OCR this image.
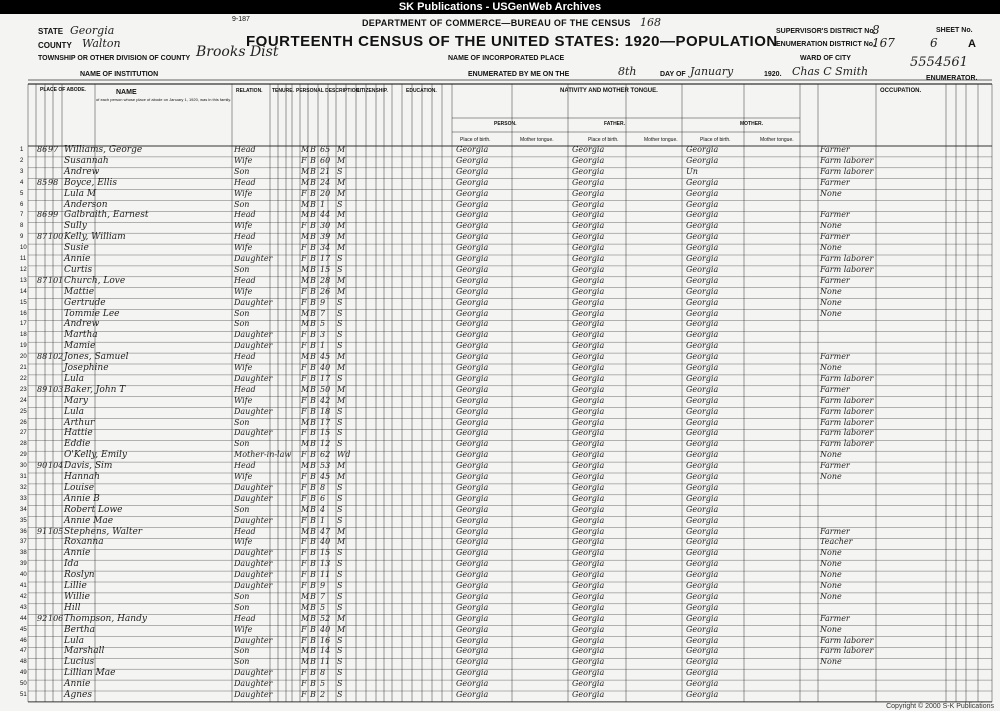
SK Publications - USGenWeb Archives
9-187	DEPARTMENT OF COMMERCE—BUREAU OF THE CENSUS 168
FOURTEENTH CENSUS OF THE UNITED STATES: 1920—POPULATION
STATE Georgia
COUNTY Walton
TOWNSHIP OR OTHER DIVISION OF COUNTY Brooks Dist	NAME OF INCORPORATED PLACE
NAME OF INSTITUTION	ENUMERATED BY ME ON THE	8th	DAY OF January	1920. Chas C Smith
ENUMERATOR.
SUPERVISOR'S DISTRICT No.
8
ENUMERATION DISTRICT No.
167
WARD OF CITY
SHEET No.
6	A
5554561
PLACE OF ABODE.	NAME
of each person whose place of abode on January 1, 1920, was in this family.
RELATION. TENURE. PERSONAL DESCRIPTION.
CITIZENSHIP.	EDUCATION.	NATIVITY AND MOTHER TONGUE.
PERSON.	FATHER.	MOTHER.
Place of birth.	Mother tongue.	Place of birth.	Mother tongue.	Place of birth.	Mother tongue.
OCCUPATION.
1 86 97 Williams, George	Head	M B 65 M	Georgia	Georgia	Georgia	Farmer
2	Susannah	Wife	F B 60 M	Georgia	Georgia	Georgia	Farm laborer
3	Andrew	Son	M B 21 S	Georgia	Georgia	Un	Farm laborer
4 85 98 Boyce, Ellis	Head	M B 24 M	Georgia	Georgia	Georgia	Farmer
5	Lula M	Wife	F B 20 M	Georgia	Georgia	Georgia	None
6	Anderson	Son	M B 1 S	Georgia	Georgia	Georgia
7 86 99 Galbraith, Earnest	Head	M B 44 M	Georgia	Georgia	Georgia	Farmer
8	Sully	Wife	F B 30 M	Georgia	Georgia	Georgia	None
9 87 100 Kelly, William	Head	M B 39 M	Georgia	Georgia	Georgia	Farmer
10	Susie	Wife	F B 34 M	Georgia	Georgia	Georgia	None
11	Annie	Daughter	F B 17 S	Georgia	Georgia	Georgia	Farm laborer
12	Curtis	Son	M B 15 S	Georgia	Georgia	Georgia	Farm laborer
13 87 101 Church, Love	Head	M B 28 M	Georgia	Georgia	Georgia	Farmer
14	Mattie	Wife	F B 26 M	Georgia	Georgia	Georgia	None
15	Gertrude	Daughter	F B 9 S	Georgia	Georgia	Georgia	None
16	Tommie Lee	Son	M B 7 S	Georgia	Georgia	Georgia	None
17	Andrew	Son	M B 5 S	Georgia	Georgia	Georgia
18	Martha	Daughter	F B 3 S	Georgia	Georgia	Georgia
19	Mamie	Daughter	F B 1 S	Georgia	Georgia	Georgia
20 88 102 Jones, Samuel	Head	M B 45 M	Georgia	Georgia	Georgia	Farmer
21	Josephine	Wife	F B 40 M	Georgia	Georgia	Georgia	None
22	Lula	Daughter	F B 17 S	Georgia	Georgia	Georgia	Farm laborer
23 89 103 Baker, John T	Head	M B 50 M	Georgia	Georgia	Georgia	Farmer
24	Mary	Wife	F B 42 M	Georgia	Georgia	Georgia	Farm laborer
25	Lula	Daughter	F B 18 S	Georgia	Georgia	Georgia	Farm laborer
26	Arthur	Son	M B 17 S	Georgia	Georgia	Georgia	Farm laborer
27	Hattie	Daughter	F B 15 S	Georgia	Georgia	Georgia	Farm laborer
28	Eddie	Son	M B 12 S	Georgia	Georgia	Georgia	Farm laborer
29	O'Kelly, Emily	Mother-in-law F B 62 Wd	Georgia	Georgia	Georgia	None
30 90 104 Davis, Sim	Head	M B 53 M	Georgia	Georgia	Georgia	Farmer
31	Hannah	Wife	F B 45 M	Georgia	Georgia	Georgia	None
32	Louise	Daughter	F B 8 S	Georgia	Georgia	Georgia
33	Annie B	Daughter	F B 6 S	Georgia	Georgia	Georgia
34	Robert Lowe	Son	M B 4 S	Georgia	Georgia	Georgia
35	Annie Mae	Daughter	F B 1 S	Georgia	Georgia	Georgia
36 91 105 Stephens, Walter	Head	M B 47 M	Georgia	Georgia	Georgia	Farmer
37	Roxanna	Wife	F B 40 M	Georgia	Georgia	Georgia	Teacher
38	Annie	Daughter	F B 15 S	Georgia	Georgia	Georgia	None
39	Ida	Daughter	F B 13 S	Georgia	Georgia	Georgia	None
40	Roslyn	Daughter	F B 11 S	Georgia	Georgia	Georgia	None
41	Lillie	Daughter	F B 9 S	Georgia	Georgia	Georgia	None
42	Willie	Son	M B 7 S	Georgia	Georgia	Georgia	None
43	Hill	Son	M B 5 S	Georgia	Georgia	Georgia
44 92 106 Thompson, Handy	Head	M B 52 M	Georgia	Georgia	Georgia	Farmer
45	Bertha	Wife	F B 40 M	Georgia	Georgia	Georgia	None
46	Lula	Daughter	F B 16 S	Georgia	Georgia	Georgia	Farm laborer
47	Marshall	Son	M B 14 S	Georgia	Georgia	Georgia	Farm laborer
48	Lucius	Son	M B 11 S	Georgia	Georgia	Georgia	None
49	Lillian Mae	Daughter	F B 8 S	Georgia	Georgia	Georgia
50	Annie	Daughter	F B 5 S	Georgia	Georgia	Georgia
51	Agnes	Daughter	F B 2 S	Georgia	Georgia	Georgia
Copyright © 2000 S-K Publications
